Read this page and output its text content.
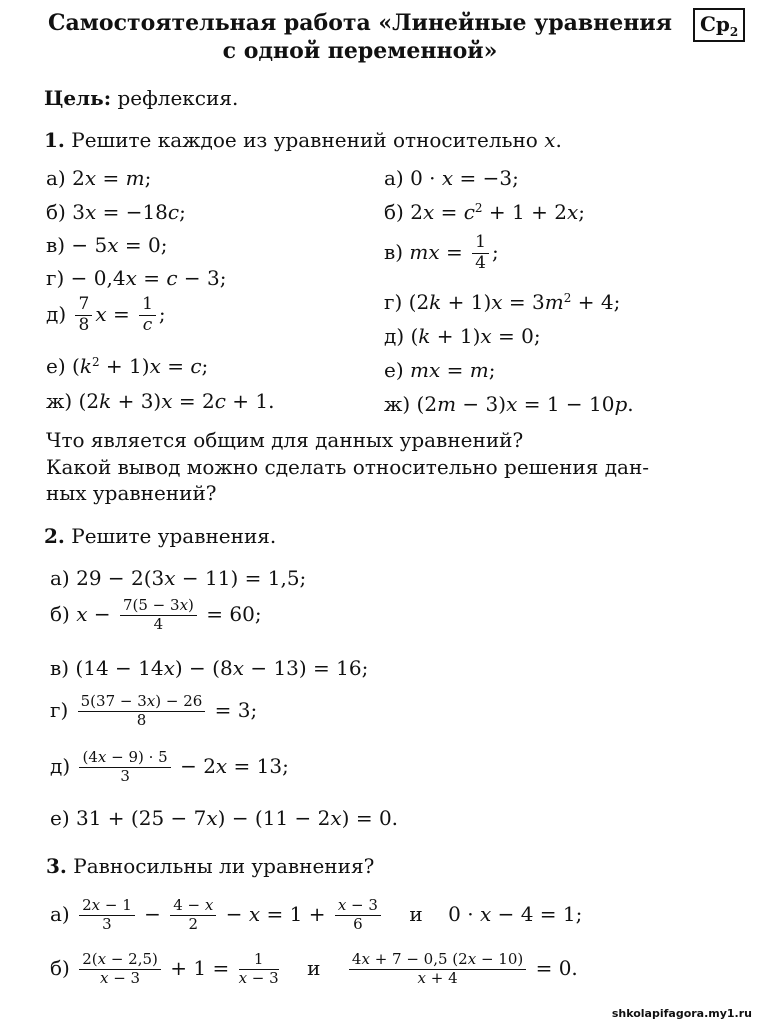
Самостоятельная работа «Линейные уравнения
с одной переменной»
$Ср_2$
Цель: рефлексия.
1. Решите каждое из уравнений относительно x.
а) 2x = m;
б) 3x = −18c;
в) − 5x = 0;
г) − 0,4x = c − 3;
$д) \frac{7}{8}$ $x = \frac{1}{c}$ ;
е) $(k^2 + 1)x = c$;
ж) (2k + 3)x = 2c + 1.
а) 0 · x = −3;
б) $2x = c^2 + 1 + 2x$;
в) mx = $\frac{1}{4}$ ;
г) $(2k + 1)x = 3m^2 + 4$;
д) (k + 1)x = 0;
е) mx = m;
ж) (2m − 3)x = 1 − 10p.
Что является общим для данных уравнений?
Какой вывод можно сделать относительно решения дан-
ных уравнений?
2. Решите уравнения.
а) 29 − 2(3x − 11) = 1,5;
б) $x - \frac{7(5 - 3x)}{4} = 60$;
в) (14 − 14x) − (8x − 13) = 16;
$г) \frac{5(37 - 3x) - 26}{8} = 3$;
$д) \frac{(4x - 9) \cdot 5}{3} - 2x = 13$;
е) 31 + (25 − 7x) − (11 − 2x) = 0.
3. Равносильны ли уравнения?
$а) \frac{2x - 1}{3} - \frac{4 - x}{2} - x = 1 + \frac{x - 3}{6}$ и    0 · x − 4 = 1;
$б) \frac{2(x - 2,5)}{x - 3} + 1 = \frac{1}{x - 3}$ и $\frac{4x + 7 - 0,5 (2x - 10)}{x + 4} = 0$.
shkolapifagora.my1.ru
